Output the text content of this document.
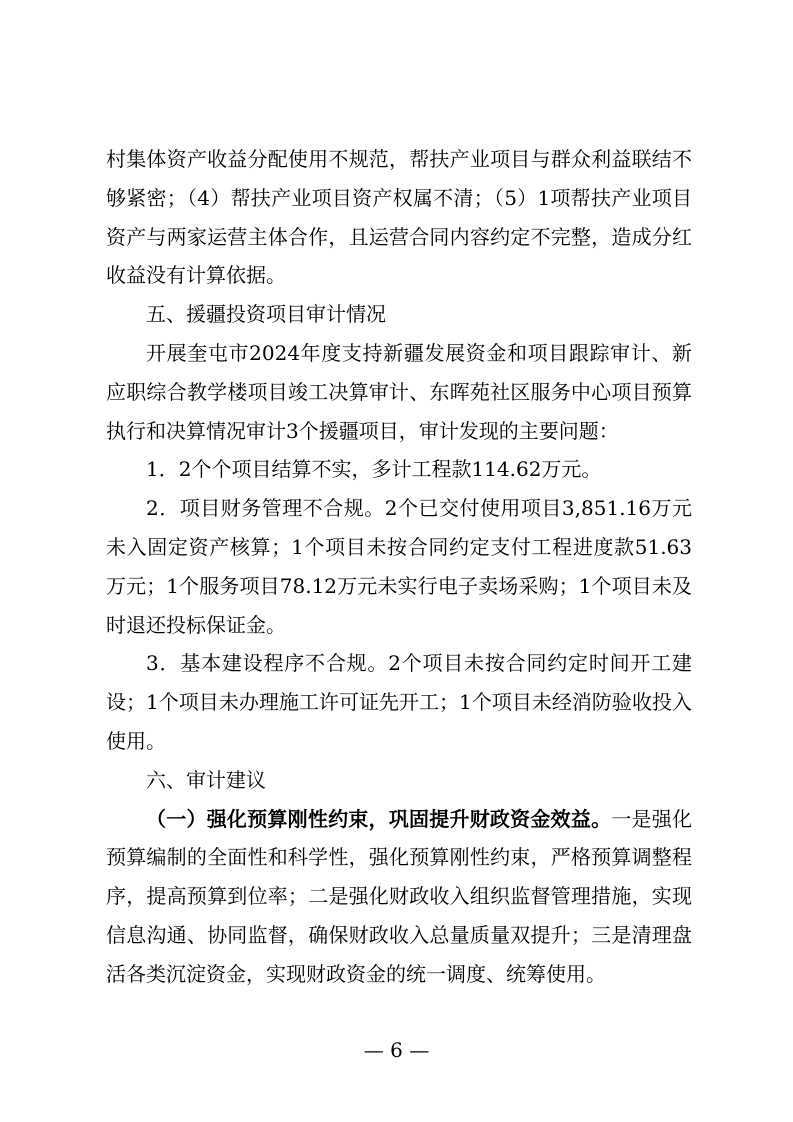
村集体资产收益分配使用不规范，帮扶产业项目与群众利益联结不够紧密；（4）帮扶产业项目资产权属不清；（5）1项帮扶产业项目资产与两家运营主体合作，且运营合同内容约定不完整，造成分红收益没有计算依据。

五、援疆投资项目审计情况

开展奎屯市2024年度支持新疆发展资金和项目跟踪审计、新应职综合教学楼项目竣工决算审计、东晖苑社区服务中心项目预算执行和决算情况审计3个援疆项目，审计发现的主要问题：

1．2个个项目结算不实，多计工程款114.62万元。

2．项目财务管理不合规。2个已交付使用项目3,851.16万元未入固定资产核算；1个项目未按合同约定支付工程进度款51.63万元；1个服务项目78.12万元未实行电子卖场采购；1个项目未及时退还投标保证金。

3．基本建设程序不合规。2个项目未按合同约定时间开工建设；1个项目未办理施工许可证先开工；1个项目未经消防验收投入使用。

六、审计建议

（一）强化预算刚性约束，巩固提升财政资金效益。一是强化预算编制的全面性和科学性，强化预算刚性约束，严格预算调整程序，提高预算到位率；二是强化财政收入组织监督管理措施，实现信息沟通、协同监督，确保财政收入总量质量双提升；三是清理盘活各类沉淀资金，实现财政资金的统一调度、统筹使用。

— 6 —
